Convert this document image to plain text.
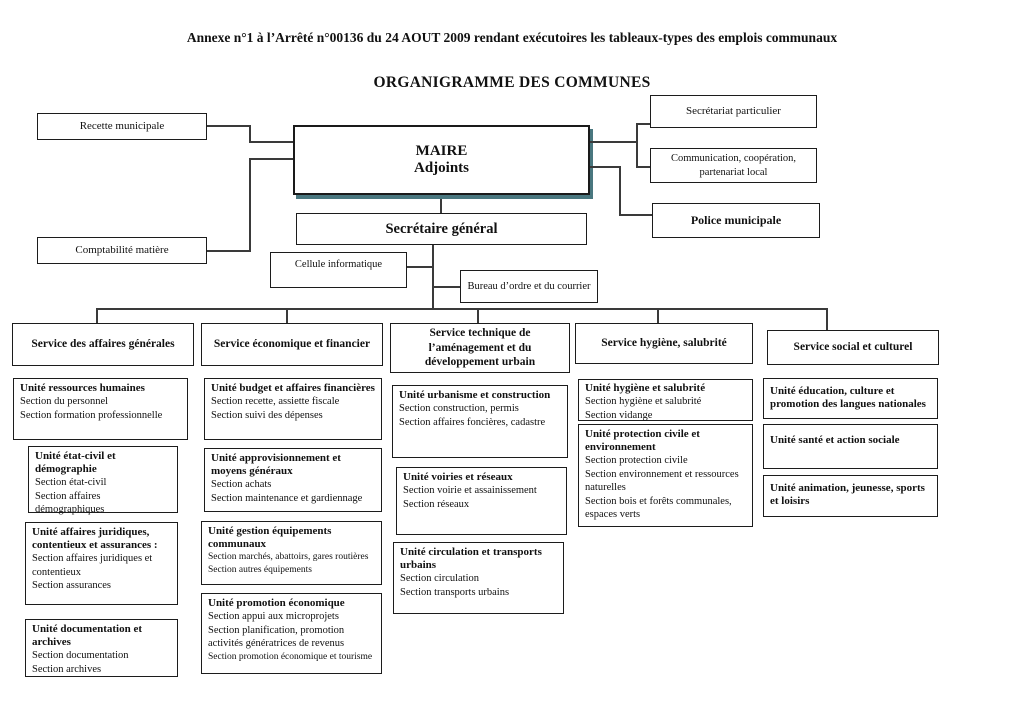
Annexe n°1 à l’Arrêté n°00136 du 24 AOUT 2009 rendant exécutoires les tableaux-types des emplois communaux
ORGANIGRAMME DES COMMUNES
Recette municipale
Comptabilité matière
MAIRE
Adjoints
Secrétariat particulier
Communication, coopération, partenariat local
Police municipale
Secrétaire général
Cellule informatique
Bureau d’ordre et du courrier
Service des affaires générales	Service économique et financier
Service technique de l’aménagement et du développement urbain
Service hygiène, salubrité	Service social et culturel
Unité ressources humaines
Section du personnel
Section formation professionnelle
Unité état-civil et démographie
Section état-civil
Section affaires démographiques
Unité affaires juridiques, contentieux et assurances :
Section affaires juridiques et contentieux
Section assurances
Unité documentation et archives
Section documentation
Section archives
Unité budget et affaires financières
Section recette, assiette fiscale
Section suivi des dépenses
Unité approvisionnement et moyens généraux
Section achats
Section maintenance et gardiennage
Unité gestion équipements communaux
Section marchés, abattoirs, gares routières
Section autres équipements
Unité promotion économique
Section appui aux microprojets
Section planification, promotion activités génératrices de revenus
Section promotion économique et tourisme
Unité urbanisme et construction
Section construction, permis
Section affaires foncières, cadastre
Unité voiries et réseaux
Section voirie et assainissement
Section réseaux
Unité circulation et transports urbains
Section circulation
Section transports urbains
Unité hygiène et salubrité
Section hygiène et salubrité
Section vidange
Unité protection civile et environnement
Section protection civile
Section environnement et ressources naturelles
Section bois et forêts communales, espaces verts
Unité éducation, culture et promotion des langues nationales
Unité santé et action sociale
Unité animation, jeunesse, sports et loisirs
